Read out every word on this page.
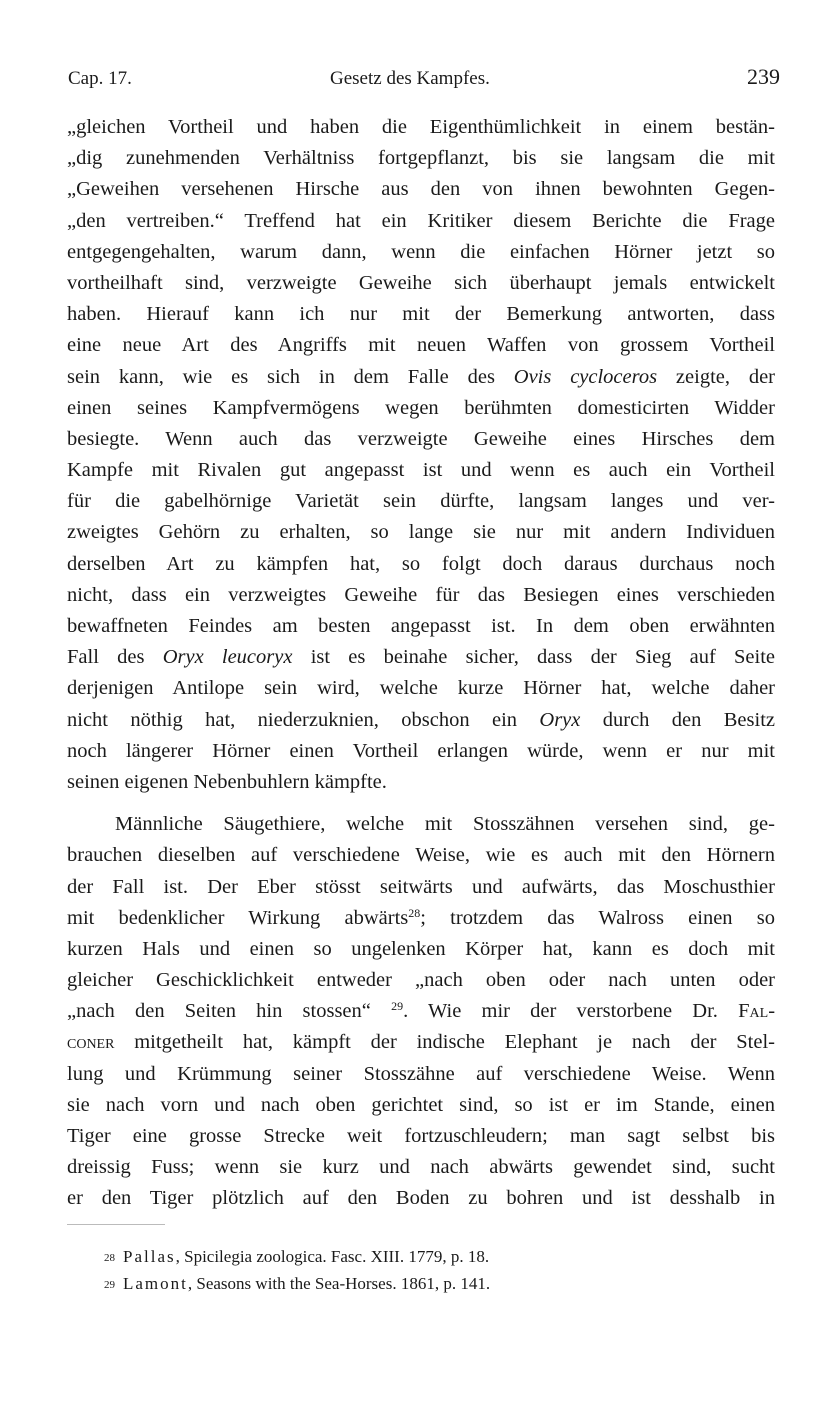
Cap. 17.	Gesetz des Kampfes.	239
„gleichen Vortheil und haben die Eigenthümlichkeit in einem bestän-
„dig zunehmenden Verhältniss fortgepflanzt, bis sie langsam die mit
„Geweihen versehenen Hirsche aus den von ihnen bewohnten Gegen-
„den vertreiben.“ Treffend hat ein Kritiker diesem Berichte die Frage
entgegengehalten, warum dann, wenn die einfachen Hörner jetzt so
vortheilhaft sind, verzweigte Geweihe sich überhaupt jemals entwickelt
haben. Hierauf kann ich nur mit der Bemerkung antworten, dass
eine neue Art des Angriffs mit neuen Waffen von grossem Vortheil
sein kann, wie es sich in dem Falle des Ovis cycloceros zeigte, der
einen seines Kampfvermögens wegen berühmten domesticirten Widder
besiegte. Wenn auch das verzweigte Geweihe eines Hirsches dem
Kampfe mit Rivalen gut angepasst ist und wenn es auch ein Vortheil
für die gabelhörnige Varietät sein dürfte, langsam langes und ver-
zweigtes Gehörn zu erhalten, so lange sie nur mit andern Individuen
derselben Art zu kämpfen hat, so folgt doch daraus durchaus noch
nicht, dass ein verzweigtes Geweihe für das Besiegen eines verschieden
bewaffneten Feindes am besten angepasst ist. In dem oben erwähnten
Fall des Oryx leucoryx ist es beinahe sicher, dass der Sieg auf Seite
derjenigen Antilope sein wird, welche kurze Hörner hat, welche daher
nicht nöthig hat, niederzuknien, obschon ein Oryx durch den Besitz
noch längerer Hörner einen Vortheil erlangen würde, wenn er nur mit
seinen eigenen Nebenbuhlern kämpfte.
Männliche Säugethiere, welche mit Stosszähnen versehen sind, ge-
brauchen dieselben auf verschiedene Weise, wie es auch mit den Hörnern
der Fall ist. Der Eber stösst seitwärts und aufwärts, das Moschusthier
mit bedenklicher Wirkung abwärts$^{28}$; trotzdem das Walross einen so
kurzen Hals und einen so ungelenken Körper hat, kann es doch mit
gleicher Geschicklichkeit entweder „nach oben oder nach unten oder
„nach den Seiten hin stossen“ $^{29}$. Wie mir der verstorbene Dr. Fal-
coner mitgetheilt hat, kämpft der indische Elephant je nach der Stel-
lung und Krümmung seiner Stosszähne auf verschiedene Weise. Wenn
sie nach vorn und nach oben gerichtet sind, so ist er im Stande, einen
Tiger eine grosse Strecke weit fortzuschleudern; man sagt selbst bis
dreissig Fuss; wenn sie kurz und nach abwärts gewendet sind, sucht
er den Tiger plötzlich auf den Boden zu bohren und ist desshalb in
$^{28}$ Pallas, Spicilegia zoologica. Fasc. XIII. 1779, p. 18.
$^{29}$ Lamont, Seasons with the Sea-Horses. 1861, p. 141.
